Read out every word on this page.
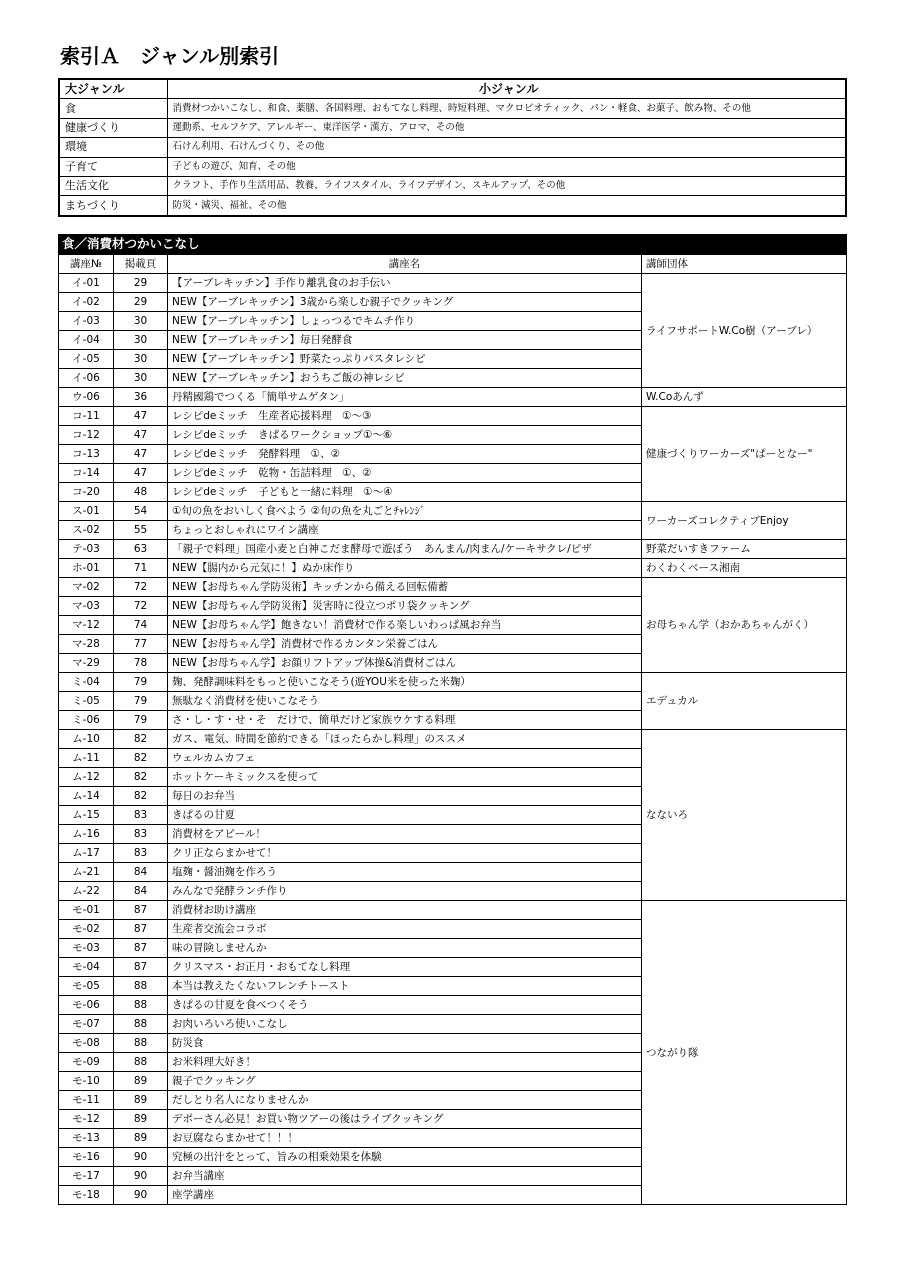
索引Ａ　ジャンル別索引
大ジャンル	小ジャンル
食	消費材つかいこなし、和食、薬膳、各国料理、おもてなし料理、時短料理、マクロビオティック、パン・軽食、お菓子、飲み物、その他
健康づくり	運動系、セルフケア、アレルギー、東洋医学・漢方、アロマ、その他
環境	石けん利用、石けんづくり、その他
子育て	子どもの遊び、知育、その他
生活文化	クラフト、手作り生活用品、教養、ライフスタイル、ライフデザイン、スキルアップ、その他
まちづくり	防災・減災、福祉、その他
食／消費材つかいこなし
講座№	掲載頁	講座名	講師団体
イ-01	29	【アーブレキッチン】手作り離乳食のお手伝い	ライフサポートW.Co樹（アーブレ）
イ-02	29	NEW【アーブレキッチン】3歳から楽しむ親子でクッキング	
イ-03	30	NEW【アーブレキッチン】しょっつるでキムチ作り	
イ-04	30	NEW【アーブレキッチン】毎日発酵食	
イ-05	30	NEW【アーブレキッチン】野菜たっぷりパスタレシピ	
イ-06	30	NEW【アーブレキッチン】おうちご飯の神レシピ	
ウ-06	36	丹精國鶏でつくる「簡単サムゲタン」	W.Coあんず
コ-11	47	レシピdeミッチ　生産者応援料理　①～③	健康づくりワーカーズ"ぱーとなー"
コ-12	47	レシピdeミッチ　きぱるワークショップ①～⑥	
コ-13	47	レシピdeミッチ　発酵料理　①、②	
コ-14	47	レシピdeミッチ　乾物・缶詰料理　①、②	
コ-20	48	レシピdeミッチ　子どもと一緒に料理　①～④	
ス-01	54	①旬の魚をおいしく食べよう ②旬の魚を丸ごとﾁｬﾚﾝｼﾞ	ワーカーズコレクティブEnjoy
ス-02	55	ちょっとおしゃれにワイン講座	
テ-03	63	「親子で料理」国産小麦と白神こだま酵母で遊ぼう　あんまん/肉まん/ケーキサクレ/ピザ	野菜だいすきファーム
ホ-01	71	NEW【腸内から元気に！】ぬか床作り	わくわくベース湘南
マ-02	72	NEW【お母ちゃん学防災術】キッチンから備える回転備蓄	お母ちゃん学（おかあちゃんがく）
マ-03	72	NEW【お母ちゃん学防災術】災害時に役立つポリ袋クッキング	
マ-12	74	NEW【お母ちゃん学】飽きない！消費材で作る楽しいわっぱ風お弁当	
マ-28	77	NEW【お母ちゃん学】消費材で作るカンタン栄養ごはん	
マ-29	78	NEW【お母ちゃん学】お顔リフトアップ体操&消費材ごはん	
ミ-04	79	麹、発酵調味料をもっと使いこなそう(遊YOU米を使った米麹）	エデュカル
ミ-05	79	無駄なく消費材を使いこなそう	
ミ-06	79	さ・し・す・せ・そ　だけで、簡単だけど家族ウケする料理	
ム-10	82	ガス、電気、時間を節約できる「ほったらかし料理」のススメ	なないろ
ム-11	82	ウェルカムカフェ	
ム-12	82	ホットケーキミックスを使って	
ム-14	82	毎日のお弁当	
ム-15	83	きぱるの甘夏	
ム-16	83	消費材をアピール！	
ム-17	83	クリ正ならまかせて！	
ム-21	84	塩麹・醤油麹を作ろう	
ム-22	84	みんなで発酵ランチ作り	
モ-01	87	消費材お助け講座	つながり隊
モ-02	87	生産者交流会コラボ	
モ-03	87	味の冒険しませんか	
モ-04	87	クリスマス・お正月・おもてなし料理	
モ-05	88	本当は教えたくないフレンチトースト	
モ-06	88	きぱるの甘夏を食べつくそう	
モ-07	88	お肉いろいろ使いこなし	
モ-08	88	防災食	
モ-09	88	お米料理大好き！	
モ-10	89	親子でクッキング	
モ-11	89	だしとり名人になりませんか	
モ-12	89	デポーさん必見！お買い物ツアーの後はライブクッキング	
モ-13	89	お豆腐ならまかせて！！！	
モ-16	90	究極の出汁をとって、旨みの相乗効果を体験	
モ-17	90	お弁当講座	
モ-18	90	座学講座	
